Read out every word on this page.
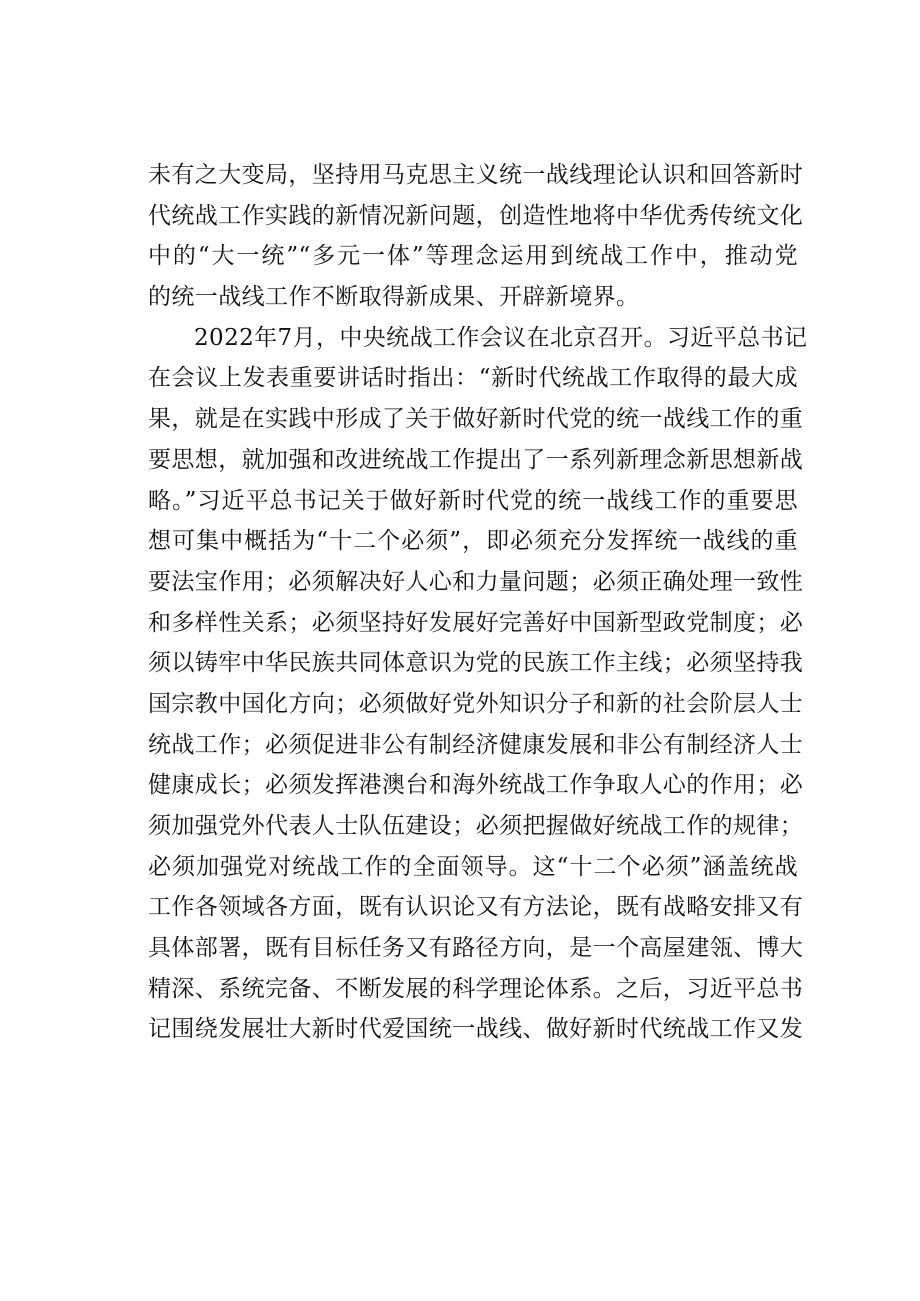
未有之大变局，坚持用马克思主义统一战线理论认识和回答新时
代统战工作实践的新情况新问题，创造性地将中华优秀传统文化
中的“大一统”“多元一体”等理念运用到统战工作中，推动党
的统一战线工作不断取得新成果、开辟新境界。
2022年7月，中央统战工作会议在北京召开。习近平总书记
在会议上发表重要讲话时指出：“新时代统战工作取得的最大成
果，就是在实践中形成了关于做好新时代党的统一战线工作的重
要思想，就加强和改进统战工作提出了一系列新理念新思想新战
略。”习近平总书记关于做好新时代党的统一战线工作的重要思
想可集中概括为“十二个必须”，即必须充分发挥统一战线的重
要法宝作用；必须解决好人心和力量问题；必须正确处理一致性
和多样性关系；必须坚持好发展好完善好中国新型政党制度；必
须以铸牢中华民族共同体意识为党的民族工作主线；必须坚持我
国宗教中国化方向；必须做好党外知识分子和新的社会阶层人士
统战工作；必须促进非公有制经济健康发展和非公有制经济人士
健康成长；必须发挥港澳台和海外统战工作争取人心的作用；必
须加强党外代表人士队伍建设；必须把握做好统战工作的规律；
必须加强党对统战工作的全面领导。这“十二个必须”涵盖统战
工作各领域各方面，既有认识论又有方法论，既有战略安排又有
具体部署，既有目标任务又有路径方向，是一个高屋建瓴、博大
精深、系统完备、不断发展的科学理论体系。之后，习近平总书
记围绕发展壮大新时代爱国统一战线、做好新时代统战工作又发
